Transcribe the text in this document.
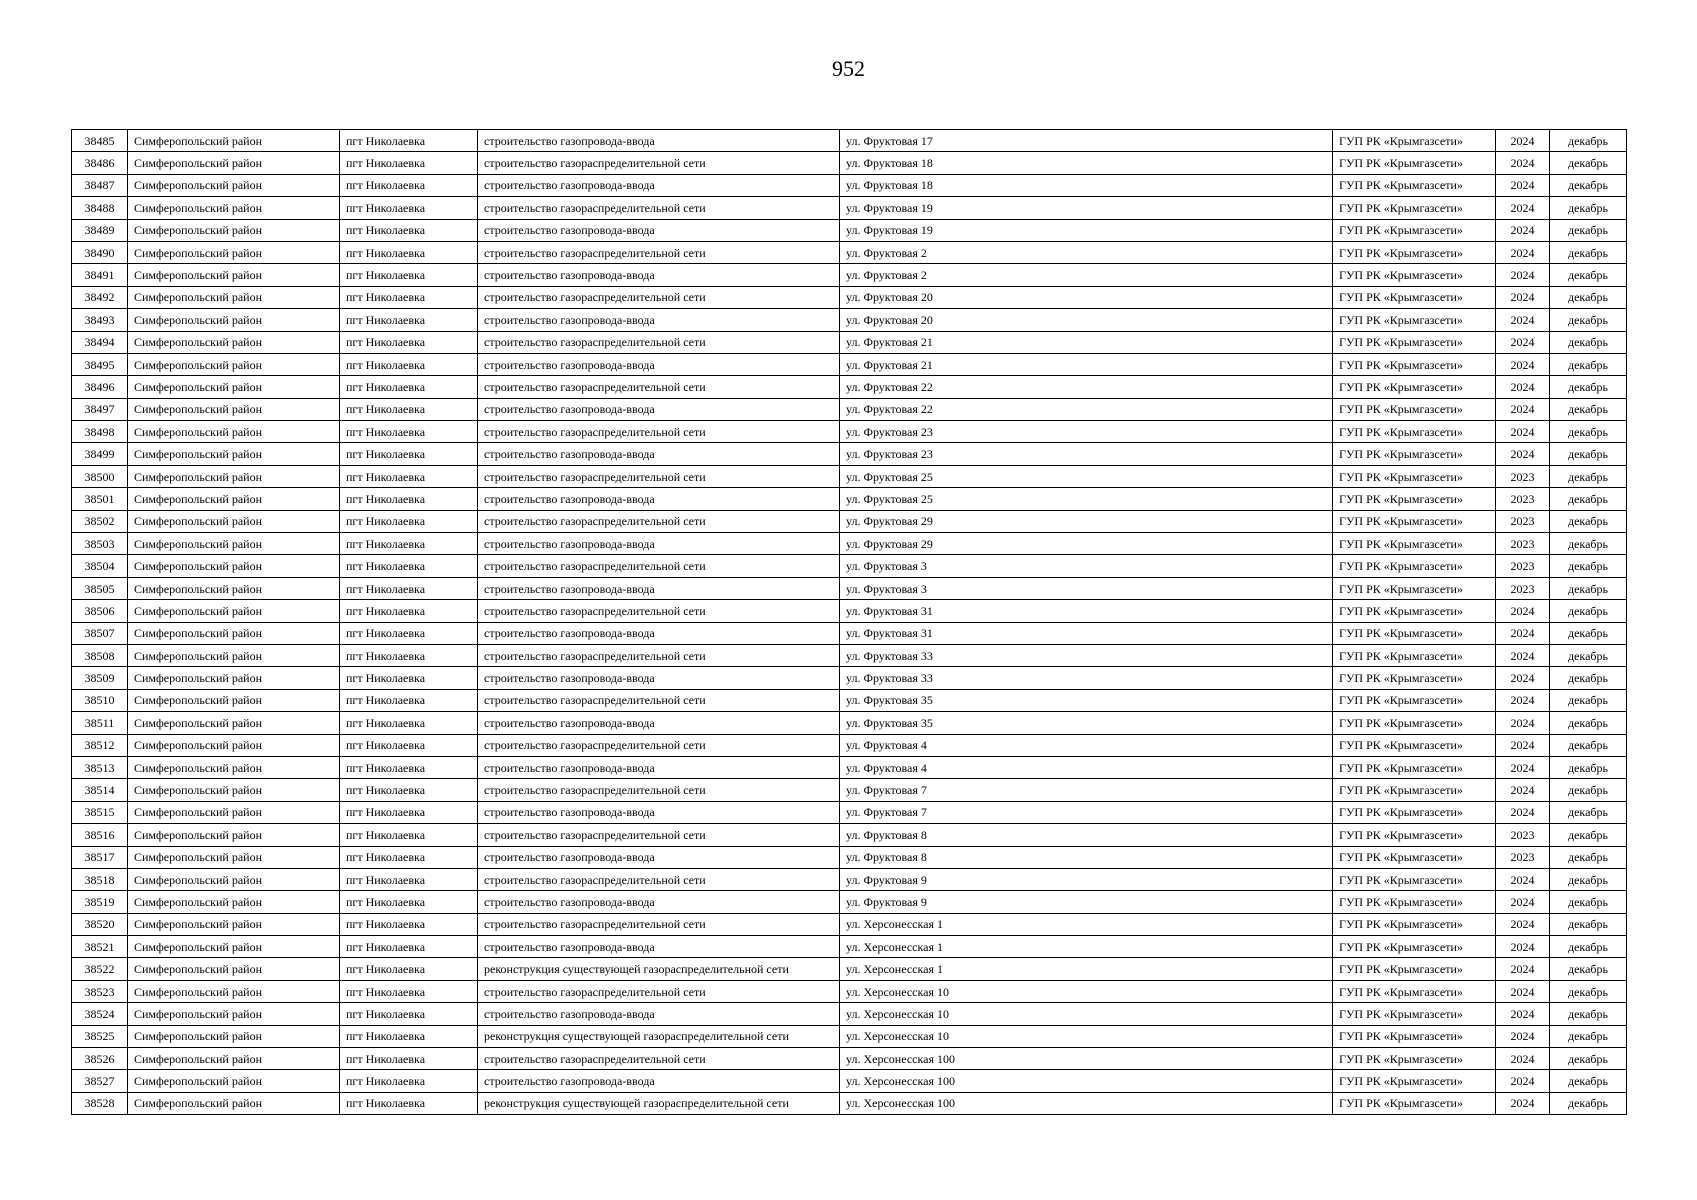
952
38485	Симферопольский район	пгт Николаевка	строительство газопровода-ввода	ул. Фруктовая 17	ГУП РК «Крымгазсети»	2024	декабрь
38486	Симферопольский район	пгт Николаевка	строительство газораспределительной сети	ул. Фруктовая 18	ГУП РК «Крымгазсети»	2024	декабрь
38487	Симферопольский район	пгт Николаевка	строительство газопровода-ввода	ул. Фруктовая 18	ГУП РК «Крымгазсети»	2024	декабрь
38488	Симферопольский район	пгт Николаевка	строительство газораспределительной сети	ул. Фруктовая 19	ГУП РК «Крымгазсети»	2024	декабрь
38489	Симферопольский район	пгт Николаевка	строительство газопровода-ввода	ул. Фруктовая 19	ГУП РК «Крымгазсети»	2024	декабрь
38490	Симферопольский район	пгт Николаевка	строительство газораспределительной сети	ул. Фруктовая 2	ГУП РК «Крымгазсети»	2024	декабрь
38491	Симферопольский район	пгт Николаевка	строительство газопровода-ввода	ул. Фруктовая 2	ГУП РК «Крымгазсети»	2024	декабрь
38492	Симферопольский район	пгт Николаевка	строительство газораспределительной сети	ул. Фруктовая 20	ГУП РК «Крымгазсети»	2024	декабрь
38493	Симферопольский район	пгт Николаевка	строительство газопровода-ввода	ул. Фруктовая 20	ГУП РК «Крымгазсети»	2024	декабрь
38494	Симферопольский район	пгт Николаевка	строительство газораспределительной сети	ул. Фруктовая 21	ГУП РК «Крымгазсети»	2024	декабрь
38495	Симферопольский район	пгт Николаевка	строительство газопровода-ввода	ул. Фруктовая 21	ГУП РК «Крымгазсети»	2024	декабрь
38496	Симферопольский район	пгт Николаевка	строительство газораспределительной сети	ул. Фруктовая 22	ГУП РК «Крымгазсети»	2024	декабрь
38497	Симферопольский район	пгт Николаевка	строительство газопровода-ввода	ул. Фруктовая 22	ГУП РК «Крымгазсети»	2024	декабрь
38498	Симферопольский район	пгт Николаевка	строительство газораспределительной сети	ул. Фруктовая 23	ГУП РК «Крымгазсети»	2024	декабрь
38499	Симферопольский район	пгт Николаевка	строительство газопровода-ввода	ул. Фруктовая 23	ГУП РК «Крымгазсети»	2024	декабрь
38500	Симферопольский район	пгт Николаевка	строительство газораспределительной сети	ул. Фруктовая 25	ГУП РК «Крымгазсети»	2023	декабрь
38501	Симферопольский район	пгт Николаевка	строительство газопровода-ввода	ул. Фруктовая 25	ГУП РК «Крымгазсети»	2023	декабрь
38502	Симферопольский район	пгт Николаевка	строительство газораспределительной сети	ул. Фруктовая 29	ГУП РК «Крымгазсети»	2023	декабрь
38503	Симферопольский район	пгт Николаевка	строительство газопровода-ввода	ул. Фруктовая 29	ГУП РК «Крымгазсети»	2023	декабрь
38504	Симферопольский район	пгт Николаевка	строительство газораспределительной сети	ул. Фруктовая 3	ГУП РК «Крымгазсети»	2023	декабрь
38505	Симферопольский район	пгт Николаевка	строительство газопровода-ввода	ул. Фруктовая 3	ГУП РК «Крымгазсети»	2023	декабрь
38506	Симферопольский район	пгт Николаевка	строительство газораспределительной сети	ул. Фруктовая 31	ГУП РК «Крымгазсети»	2024	декабрь
38507	Симферопольский район	пгт Николаевка	строительство газопровода-ввода	ул. Фруктовая 31	ГУП РК «Крымгазсети»	2024	декабрь
38508	Симферопольский район	пгт Николаевка	строительство газораспределительной сети	ул. Фруктовая 33	ГУП РК «Крымгазсети»	2024	декабрь
38509	Симферопольский район	пгт Николаевка	строительство газопровода-ввода	ул. Фруктовая 33	ГУП РК «Крымгазсети»	2024	декабрь
38510	Симферопольский район	пгт Николаевка	строительство газораспределительной сети	ул. Фруктовая 35	ГУП РК «Крымгазсети»	2024	декабрь
38511	Симферопольский район	пгт Николаевка	строительство газопровода-ввода	ул. Фруктовая 35	ГУП РК «Крымгазсети»	2024	декабрь
38512	Симферопольский район	пгт Николаевка	строительство газораспределительной сети	ул. Фруктовая 4	ГУП РК «Крымгазсети»	2024	декабрь
38513	Симферопольский район	пгт Николаевка	строительство газопровода-ввода	ул. Фруктовая 4	ГУП РК «Крымгазсети»	2024	декабрь
38514	Симферопольский район	пгт Николаевка	строительство газораспределительной сети	ул. Фруктовая 7	ГУП РК «Крымгазсети»	2024	декабрь
38515	Симферопольский район	пгт Николаевка	строительство газопровода-ввода	ул. Фруктовая 7	ГУП РК «Крымгазсети»	2024	декабрь
38516	Симферопольский район	пгт Николаевка	строительство газораспределительной сети	ул. Фруктовая 8	ГУП РК «Крымгазсети»	2023	декабрь
38517	Симферопольский район	пгт Николаевка	строительство газопровода-ввода	ул. Фруктовая 8	ГУП РК «Крымгазсети»	2023	декабрь
38518	Симферопольский район	пгт Николаевка	строительство газораспределительной сети	ул. Фруктовая 9	ГУП РК «Крымгазсети»	2024	декабрь
38519	Симферопольский район	пгт Николаевка	строительство газопровода-ввода	ул. Фруктовая 9	ГУП РК «Крымгазсети»	2024	декабрь
38520	Симферопольский район	пгт Николаевка	строительство газораспределительной сети	ул. Херсонесская 1	ГУП РК «Крымгазсети»	2024	декабрь
38521	Симферопольский район	пгт Николаевка	строительство газопровода-ввода	ул. Херсонесская 1	ГУП РК «Крымгазсети»	2024	декабрь
38522	Симферопольский район	пгт Николаевка	реконструкция существующей газораспределительной сети	ул. Херсонесская 1	ГУП РК «Крымгазсети»	2024	декабрь
38523	Симферопольский район	пгт Николаевка	строительство газораспределительной сети	ул. Херсонесская 10	ГУП РК «Крымгазсети»	2024	декабрь
38524	Симферопольский район	пгт Николаевка	строительство газопровода-ввода	ул. Херсонесская 10	ГУП РК «Крымгазсети»	2024	декабрь
38525	Симферопольский район	пгт Николаевка	реконструкция существующей газораспределительной сети	ул. Херсонесская 10	ГУП РК «Крымгазсети»	2024	декабрь
38526	Симферопольский район	пгт Николаевка	строительство газораспределительной сети	ул. Херсонесская 100	ГУП РК «Крымгазсети»	2024	декабрь
38527	Симферопольский район	пгт Николаевка	строительство газопровода-ввода	ул. Херсонесская 100	ГУП РК «Крымгазсети»	2024	декабрь
38528	Симферопольский район	пгт Николаевка	реконструкция существующей газораспределительной сети	ул. Херсонесская 100	ГУП РК «Крымгазсети»	2024	декабрь
